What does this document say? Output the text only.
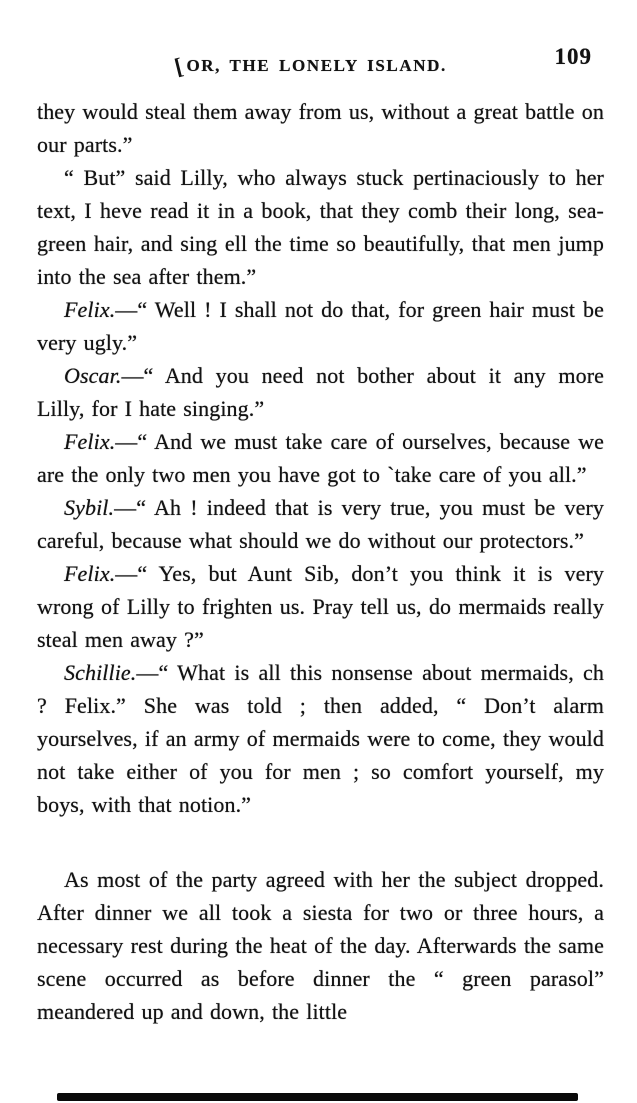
[OR, THE LONELY ISLAND.	109

they would steal them away from us, without a great battle on our parts.”

“ But” said Lilly, who always stuck pertinaciously to her text, I heve read it in a book, that they comb their long, sea-green hair, and sing ell the time so beautifully, that men jump into the sea after them.”

Felix.—“ Well ! I shall not do that, for green hair must be very ugly.”

Oscar.—“ And you need not bother about it any more Lilly, for I hate singing.”

Felix.—“ And we must take care of ourselves, because we are the only two men you have got to ˋtake care of you all.”

Sybil.—“ Ah ! indeed that is very true, you must be very careful, because what should we do without our protectors.”

Felix.—“ Yes, but Aunt Sib, don’t you think it is very wrong of Lilly to frighten us. Pray tell us, do mermaids really steal men away ?”

Schillie.—“ What is all this nonsense about mermaids, ch ? Felix.” She was told ; then added, “ Don’t alarm yourselves, if an army of mermaids were to come, they would not take either of you for men ; so comfort yourself, my boys, with that notion.”

As most of the party agreed with her the subject dropped. After dinner we all took a siesta for two or three hours, a necessary rest during the heat of the day. Afterwards the same scene occurred as before dinner the “ green parasol” meandered up and down, the little
